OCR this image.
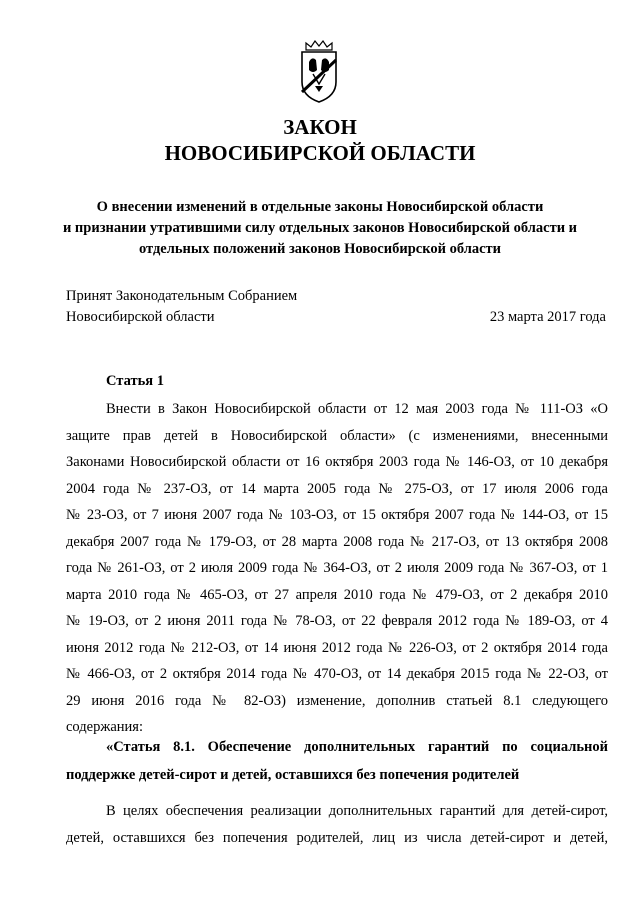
ЗАКОН
НОВОСИБИРСКОЙ ОБЛАСТИ
О внесении изменений в отдельные законы Новосибирской области
и признании утратившими силу отдельных законов Новосибирской области и
отдельных положений законов Новосибирской области
Принят Законодательным Собранием
Новосибирской области	23 марта 2017 года
Статья 1
Внести в Закон Новосибирской области от 12 мая 2003 года № 111-ОЗ «О
защите прав детей в Новосибирской области» (с изменениями, внесенными
Законами Новосибирской области от 16 октября 2003 года № 146-ОЗ, от 10 декабря
2004 года № 237-ОЗ, от 14 марта 2005 года № 275-ОЗ, от 17 июля 2006 года
№ 23-ОЗ, от 7 июня 2007 года № 103-ОЗ, от 15 октября 2007 года № 144-ОЗ, от 15
декабря 2007 года № 179-ОЗ, от 28 марта 2008 года № 217-ОЗ, от 13 октября 2008
года № 261-ОЗ, от 2 июля 2009 года № 364-ОЗ, от 2 июля 2009 года № 367-ОЗ, от 1
марта 2010 года № 465-ОЗ, от 27 апреля 2010 года № 479-ОЗ, от 2 декабря 2010
№ 19-ОЗ, от 2 июня 2011 года № 78-ОЗ, от 22 февраля 2012 года № 189-ОЗ, от 4
июня 2012 года № 212-ОЗ, от 14 июня 2012 года № 226-ОЗ, от 2 октября 2014 года
№ 466-ОЗ, от 2 октября 2014 года № 470-ОЗ, от 14 декабря 2015 года № 22-ОЗ, от
29 июня 2016 года № 82-ОЗ) изменение, дополнив статьей 8.1 следующего
содержания:
«Статья 8.1. Обеспечение дополнительных гарантий по социальной
поддержке детей-сирот и детей, оставшихся без попечения родителей
В целях обеспечения реализации дополнительных гарантий для детей-сирот,
детей, оставшихся без попечения родителей, лиц из числа детей-сирот и детей,
